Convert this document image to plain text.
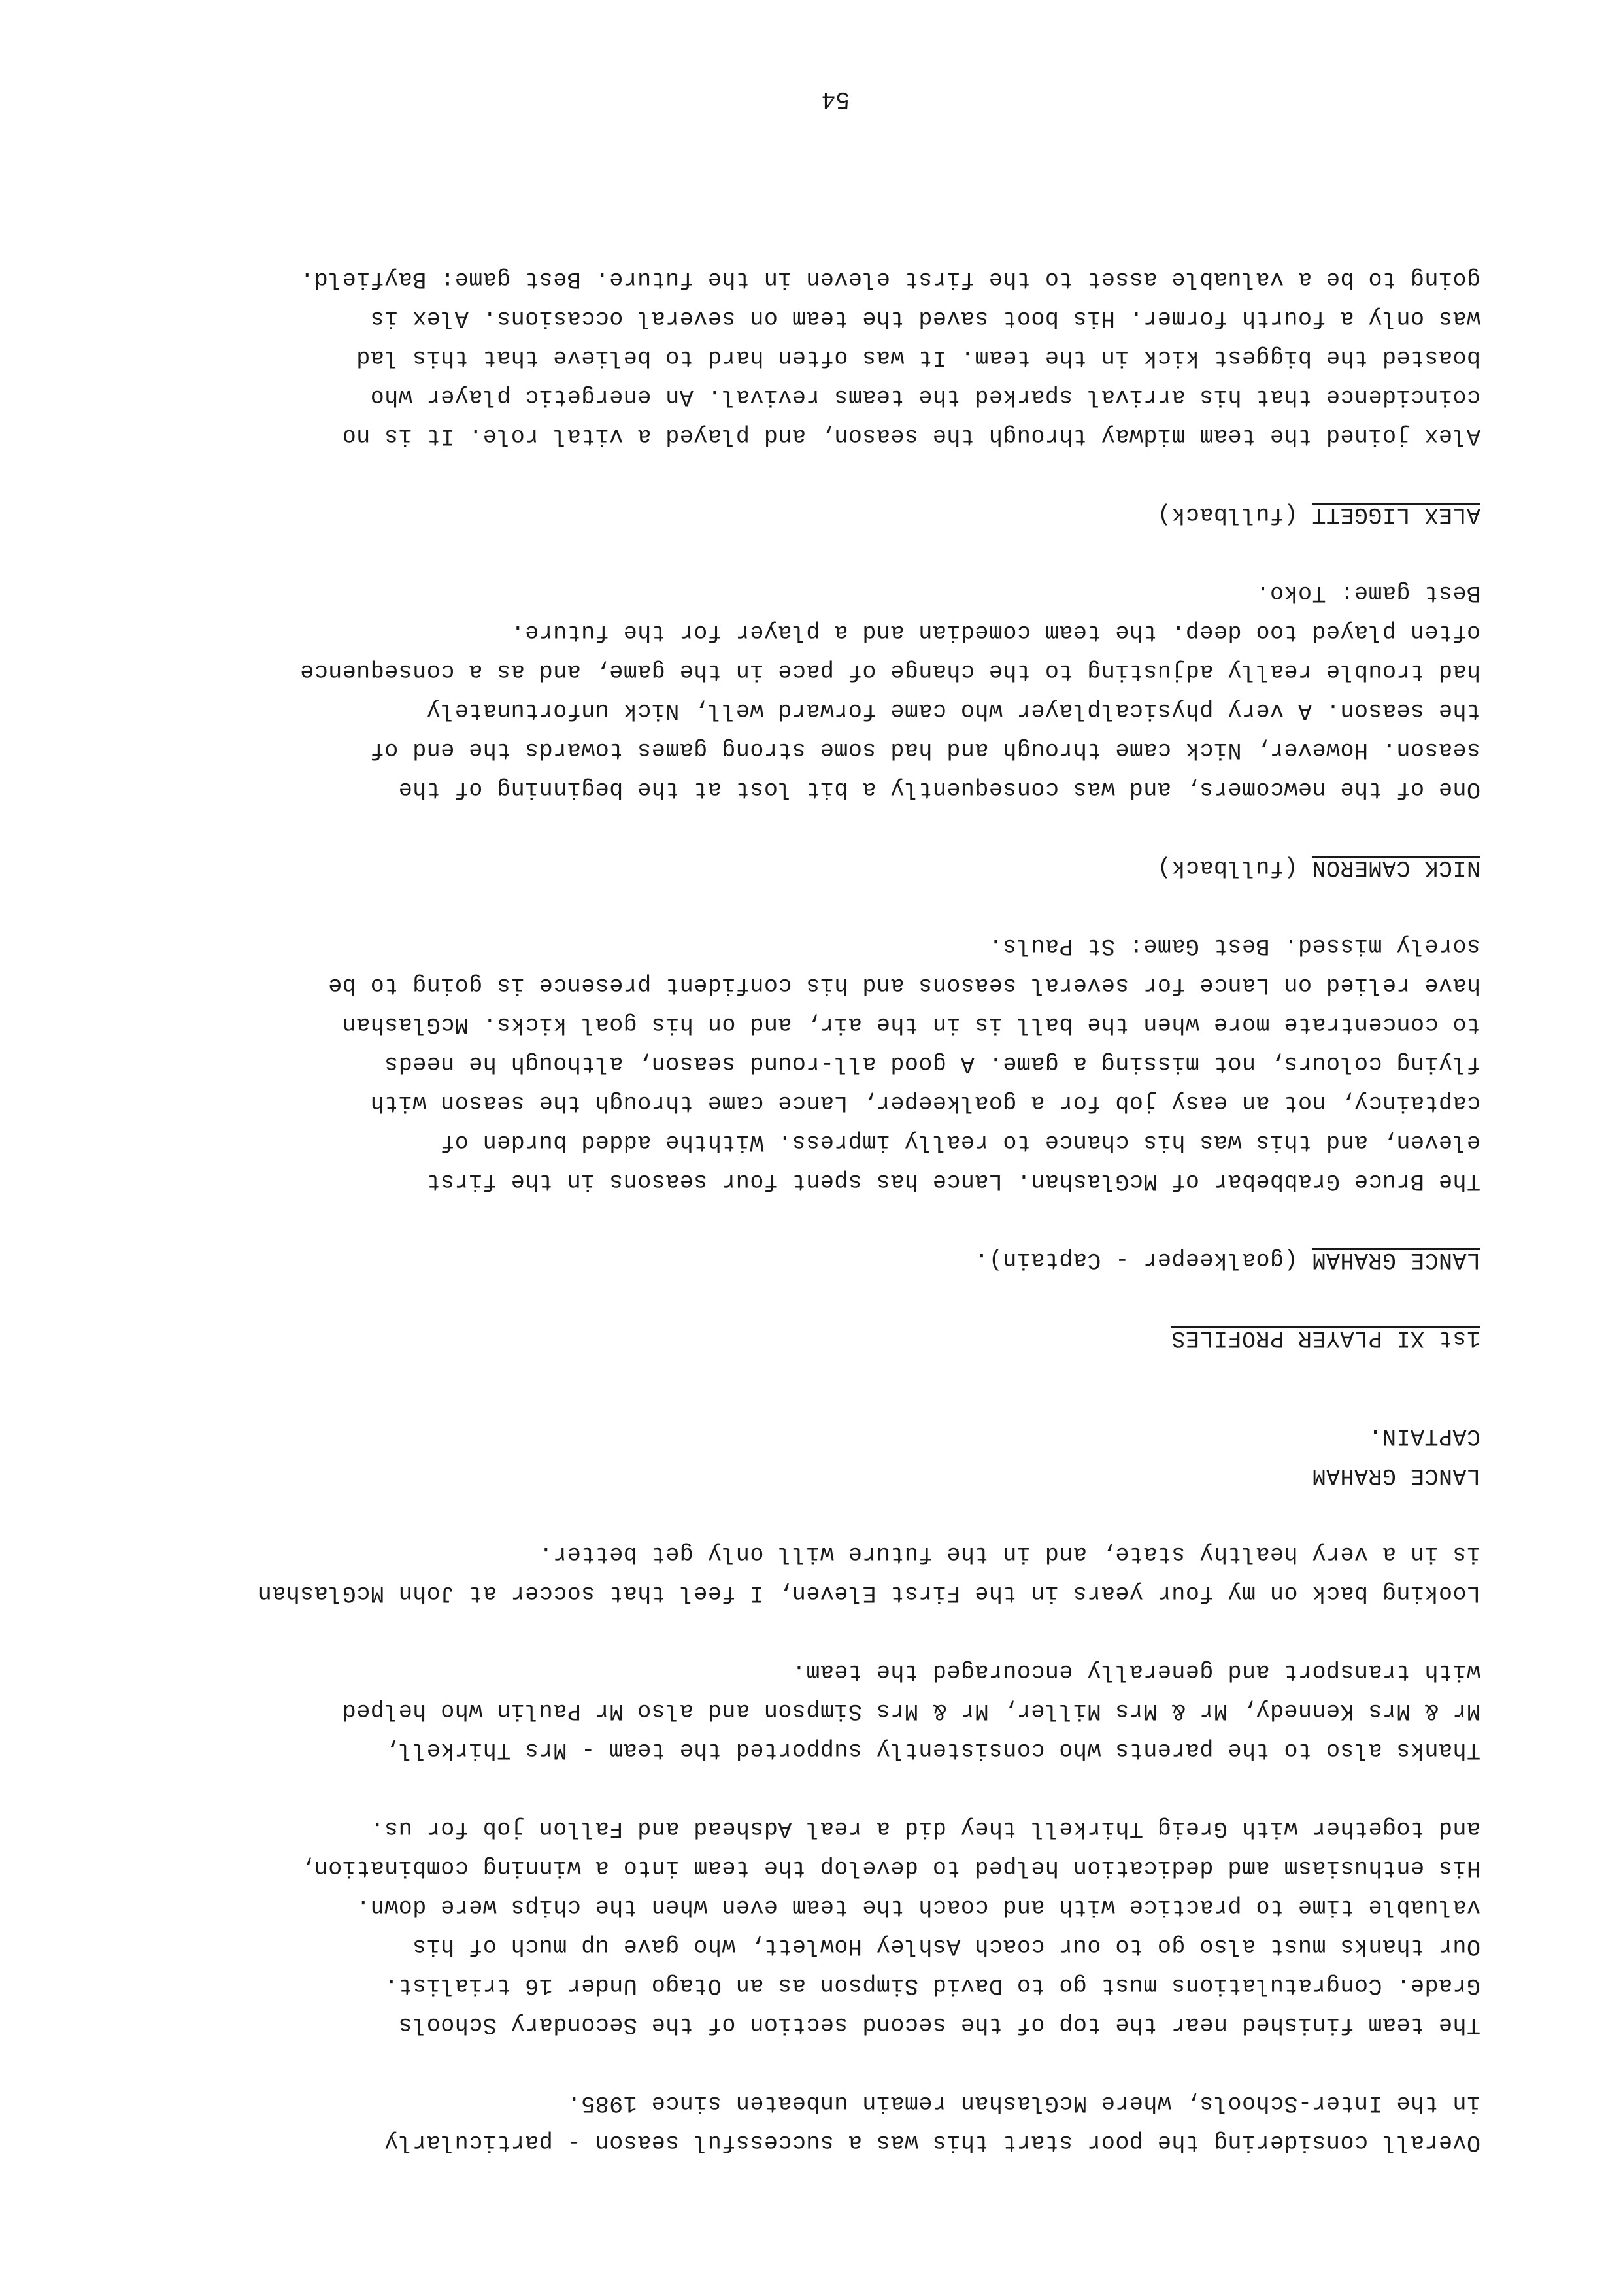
Overall considering the poor start this was a successful season - particularly
in the Inter-Schools, where McGlashan remain unbeaten since 1985.

The team finished near the top of the second section of the Secondary Schools
Grade. Congratulations must go to David Simpson as an Otago Under 16 trialist.
Our thanks must also go to our coach Ashley Howlett, who gave up much of his
valuable time to practice with and coach the team even when the chips were down.
His enthusiasm amd dedication helped to develop the team into a winning combination,
and together with Greig Thirkell they did a real Adshead and Fallon job for us.

Thanks also to the parents who consistently supported the team - Mrs Thirkell,
Mr & Mrs Kennedy, Mr & Mrs Miller, Mr & Mrs Simpson and also Mr Paulin who helped
with transport and generally encouraged the team.

Looking back on my four years in the First Eleven, I feel that soccer at John McGlashan
is in a very healthy state, and in the future will only get better.

LANCE GRAHAM
CAPTAIN.

1st XI PLAYER PROFILES

LANCE GRAHAM (goalkeeper - Captain).

The Bruce Grabbebar of McGlashan. Lance has spent four seasons in the first
eleven, and this was his chance to really impress. Withthe added burden of
captaincy, not an easy job for a goalkeeper, Lance came through the season with
flying colours, not missing a game. A good all-round season, although he needs
to concentrate more when the ball is in the air, and on his goal kicks. McGlashan
have relied on Lance for several seasons and his confident presence is going to be
sorely missed. Best Game: St Pauls.

NICK CAMERON (fullback)

One of the newcomers, and was consequently a bit lost at the beginning of the
season. However, Nick came through and had some strong games towards the end of
the season. A very physicalplayer who came forward well, Nick unfortunately
had trouble really adjusting to the change of pace in the game, and as a consequence
often played too deep. the team comedian and a player for the future.
Best game: Toko.

ALEX LIGGETT (fullback)

Alex joined the team midway through the season, and played a vital role. It is no
coincidence that his arrival sparked the teams revival. An energetic player who
boasted the biggest kick in the team. It was often hard to believe that this lad
was only a fourth former. His boot saved the team on several occasions. Alex is
going to be a valuable asset to the first eleven in the future. Best game: Bayfield.

54
